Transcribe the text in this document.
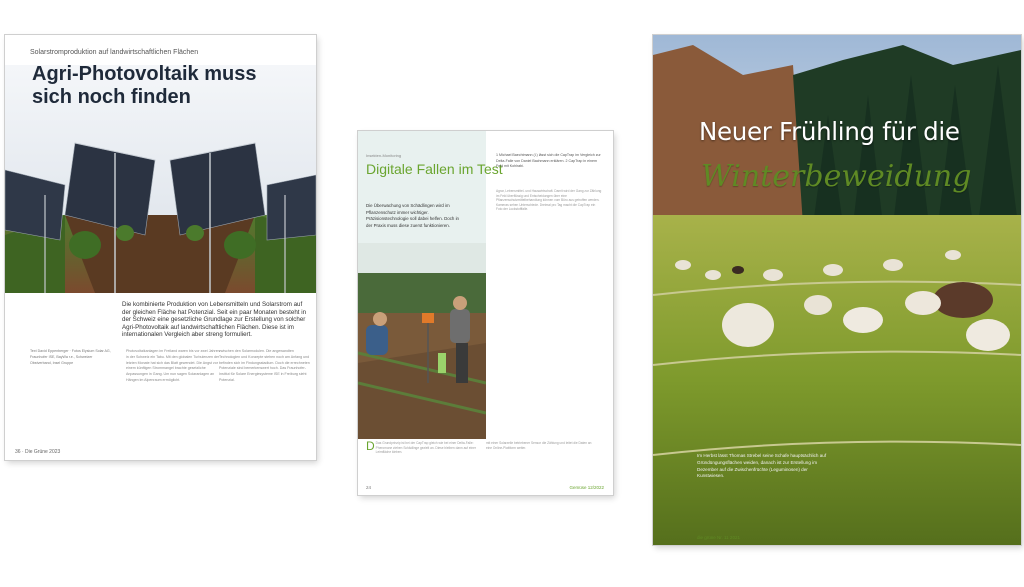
Solarstromproduktion auf landwirtschaftlichen Flächen
Agri-Photovoltaik muss sich noch finden
Die kombinierte Produktion von Lebensmitteln und Solarstrom auf der gleichen Fläche hat Potenzial. Seit ein paar Monaten besteht in der Schweiz eine gesetzliche Grundlage zur Erstellung von solcher Agri-Photovoltaik auf landwirtschaftlichen Flächen. Diese ist im internationalen Vergleich aber streng formuliert.
Text David Eppenberger · Fotos Elysium Solar AG, Fraunhofer ISE, BayWa r.e., Schweizer Obstverband, Insel Gruppe
Photovoltaikanlagen im Freiland waren bis vor zwei Jahren in der Schweiz ein Tabu. Mit den globalen Turbulenzen der letzten Monate hat sich das Blatt gewendet. Die Angst vor einem künftigen Strommangel brachte gesetzliche Anpassungen in Gang. Um nun sagen Solaranlagen an Hängen im Alpenraum ermöglicht.
zwischen den Solarmodulen. Die angewandten Technologien und Konzepte stehen noch am Anfang und befinden sich im Findungsstadium. Doch die errechneten Potenziale sind bemerkenswert hoch. Das Fraunhofer-Institut für Solare Energiesysteme ISE in Freiburg sieht Potenzial.
36 · Die Grüne 2023
Insekten-Monitoring
Digitale Fallen im Test
Die Überwachung von Schädlingen wird im Pflanzenschutz immer wichtiger. Präzisionstechnologie soll dabei helfen. Doch in der Praxis muss diese zuerst funktionieren.
1 Michael Baechtmann (l.) lässt sich die CapTrap im Vergleich zur Delta-Falle von Daniel Bachmann erklären. 2 CapTrap in einem Feld mit Kohlrabi.
Agrar, Lebensmittel- und Hauswirtschaft. Damit wird der Gang zur Zählung im Feld überflüssig und Entscheidungen über eine Pflanzenschutzmittelbehandlung können vom Büro aus getroffen werden. Kameras sehen Unterschiede. Dreimal pro Tag macht die CapTrap ein Foto der Lockstofffalle.
D Das Grundprinzip ist bei der CapTrap gleich wie bei einer Delta-Falle: Pheromone ziehen Schädlinge gezielt an. Diese bleiben dann auf einer Leimfläche kleben.
mit einer Solarzelle betriebener Sensor die Zählung und leitet die Daten an eine Online-Plattform weiter.
24	Gemüse 12/2022
Neuer Frühling für die
Winterbeweidung
Im Herbst lässt Thomas Strebel seine Schafe hauptsächlich auf Gründüngungsflächen weiden, danach ist zur Erstellung im Dezember auf die Zwischenfrüchte (Leguminosen) der Kunstwiesen.
die grüne Nr. 11 2021
